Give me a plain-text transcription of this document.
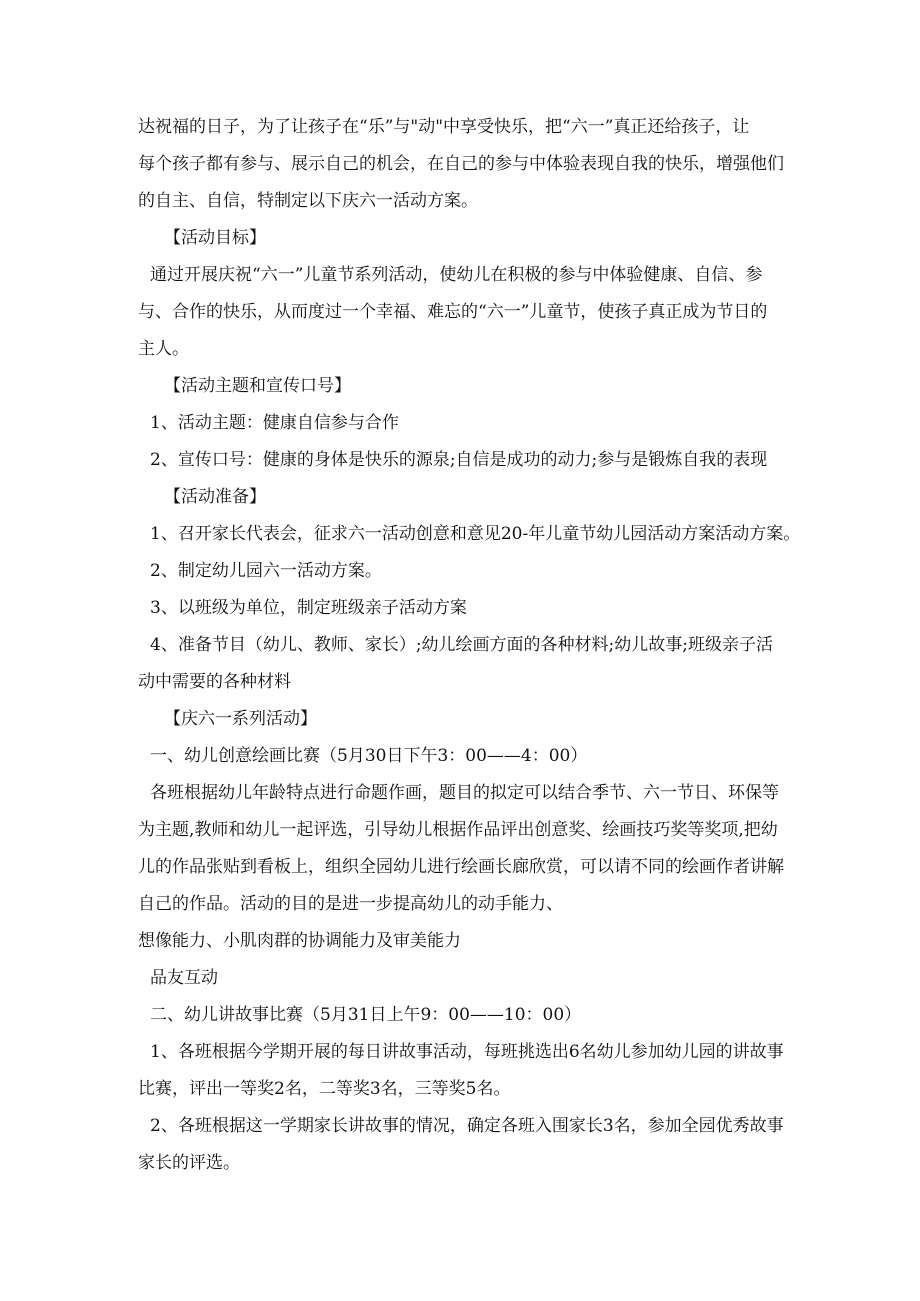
达祝福的日子，为了让孩子在“乐”与"动"中享受快乐，把“六一”真正还给孩子，让
每个孩子都有参与、展示自己的机会，在自己的参与中体验表现自我的快乐，增强他们
的自主、自信，特制定以下庆六一活动方案。
【活动目标】
通过开展庆祝“六一”儿童节系列活动，使幼儿在积极的参与中体验健康、自信、参
与、合作的快乐，从而度过一个幸福、难忘的“六一”儿童节，使孩子真正成为节日的
主人。
【活动主题和宣传口号】
1、活动主题：健康自信参与合作
2、宣传口号：健康的身体是快乐的源泉;自信是成功的动力;参与是锻炼自我的表现
【活动准备】
1、召开家长代表会，征求六一活动创意和意见20-年儿童节幼儿园活动方案活动方案。
2、制定幼儿园六一活动方案。
3、以班级为单位，制定班级亲子活动方案
4、准备节目（幼儿、教师、家长）;幼儿绘画方面的各种材料;幼儿故事;班级亲子活
动中需要的各种材料
【庆六一系列活动】
一、幼儿创意绘画比赛（5月30日下午3：00——4：00）
各班根据幼儿年龄特点进行命题作画，题目的拟定可以结合季节、六一节日、环保等
为主题,教师和幼儿一起评选，引导幼儿根据作品评出创意奖、绘画技巧奖等奖项,把幼
儿的作品张贴到看板上，组织全园幼儿进行绘画长廊欣赏，可以请不同的绘画作者讲解
自己的作品。活动的目的是进一步提高幼儿的动手能力、
想像能力、小肌肉群的协调能力及审美能力
品友互动
二、幼儿讲故事比赛（5月31日上午9：00——10：00）
1、各班根据今学期开展的每日讲故事活动，每班挑选出6名幼儿参加幼儿园的讲故事
比赛，评出一等奖2名，二等奖3名，三等奖5名。
2、各班根据这一学期家长讲故事的情况，确定各班入围家长3名，参加全园优秀故事
家长的评选。
